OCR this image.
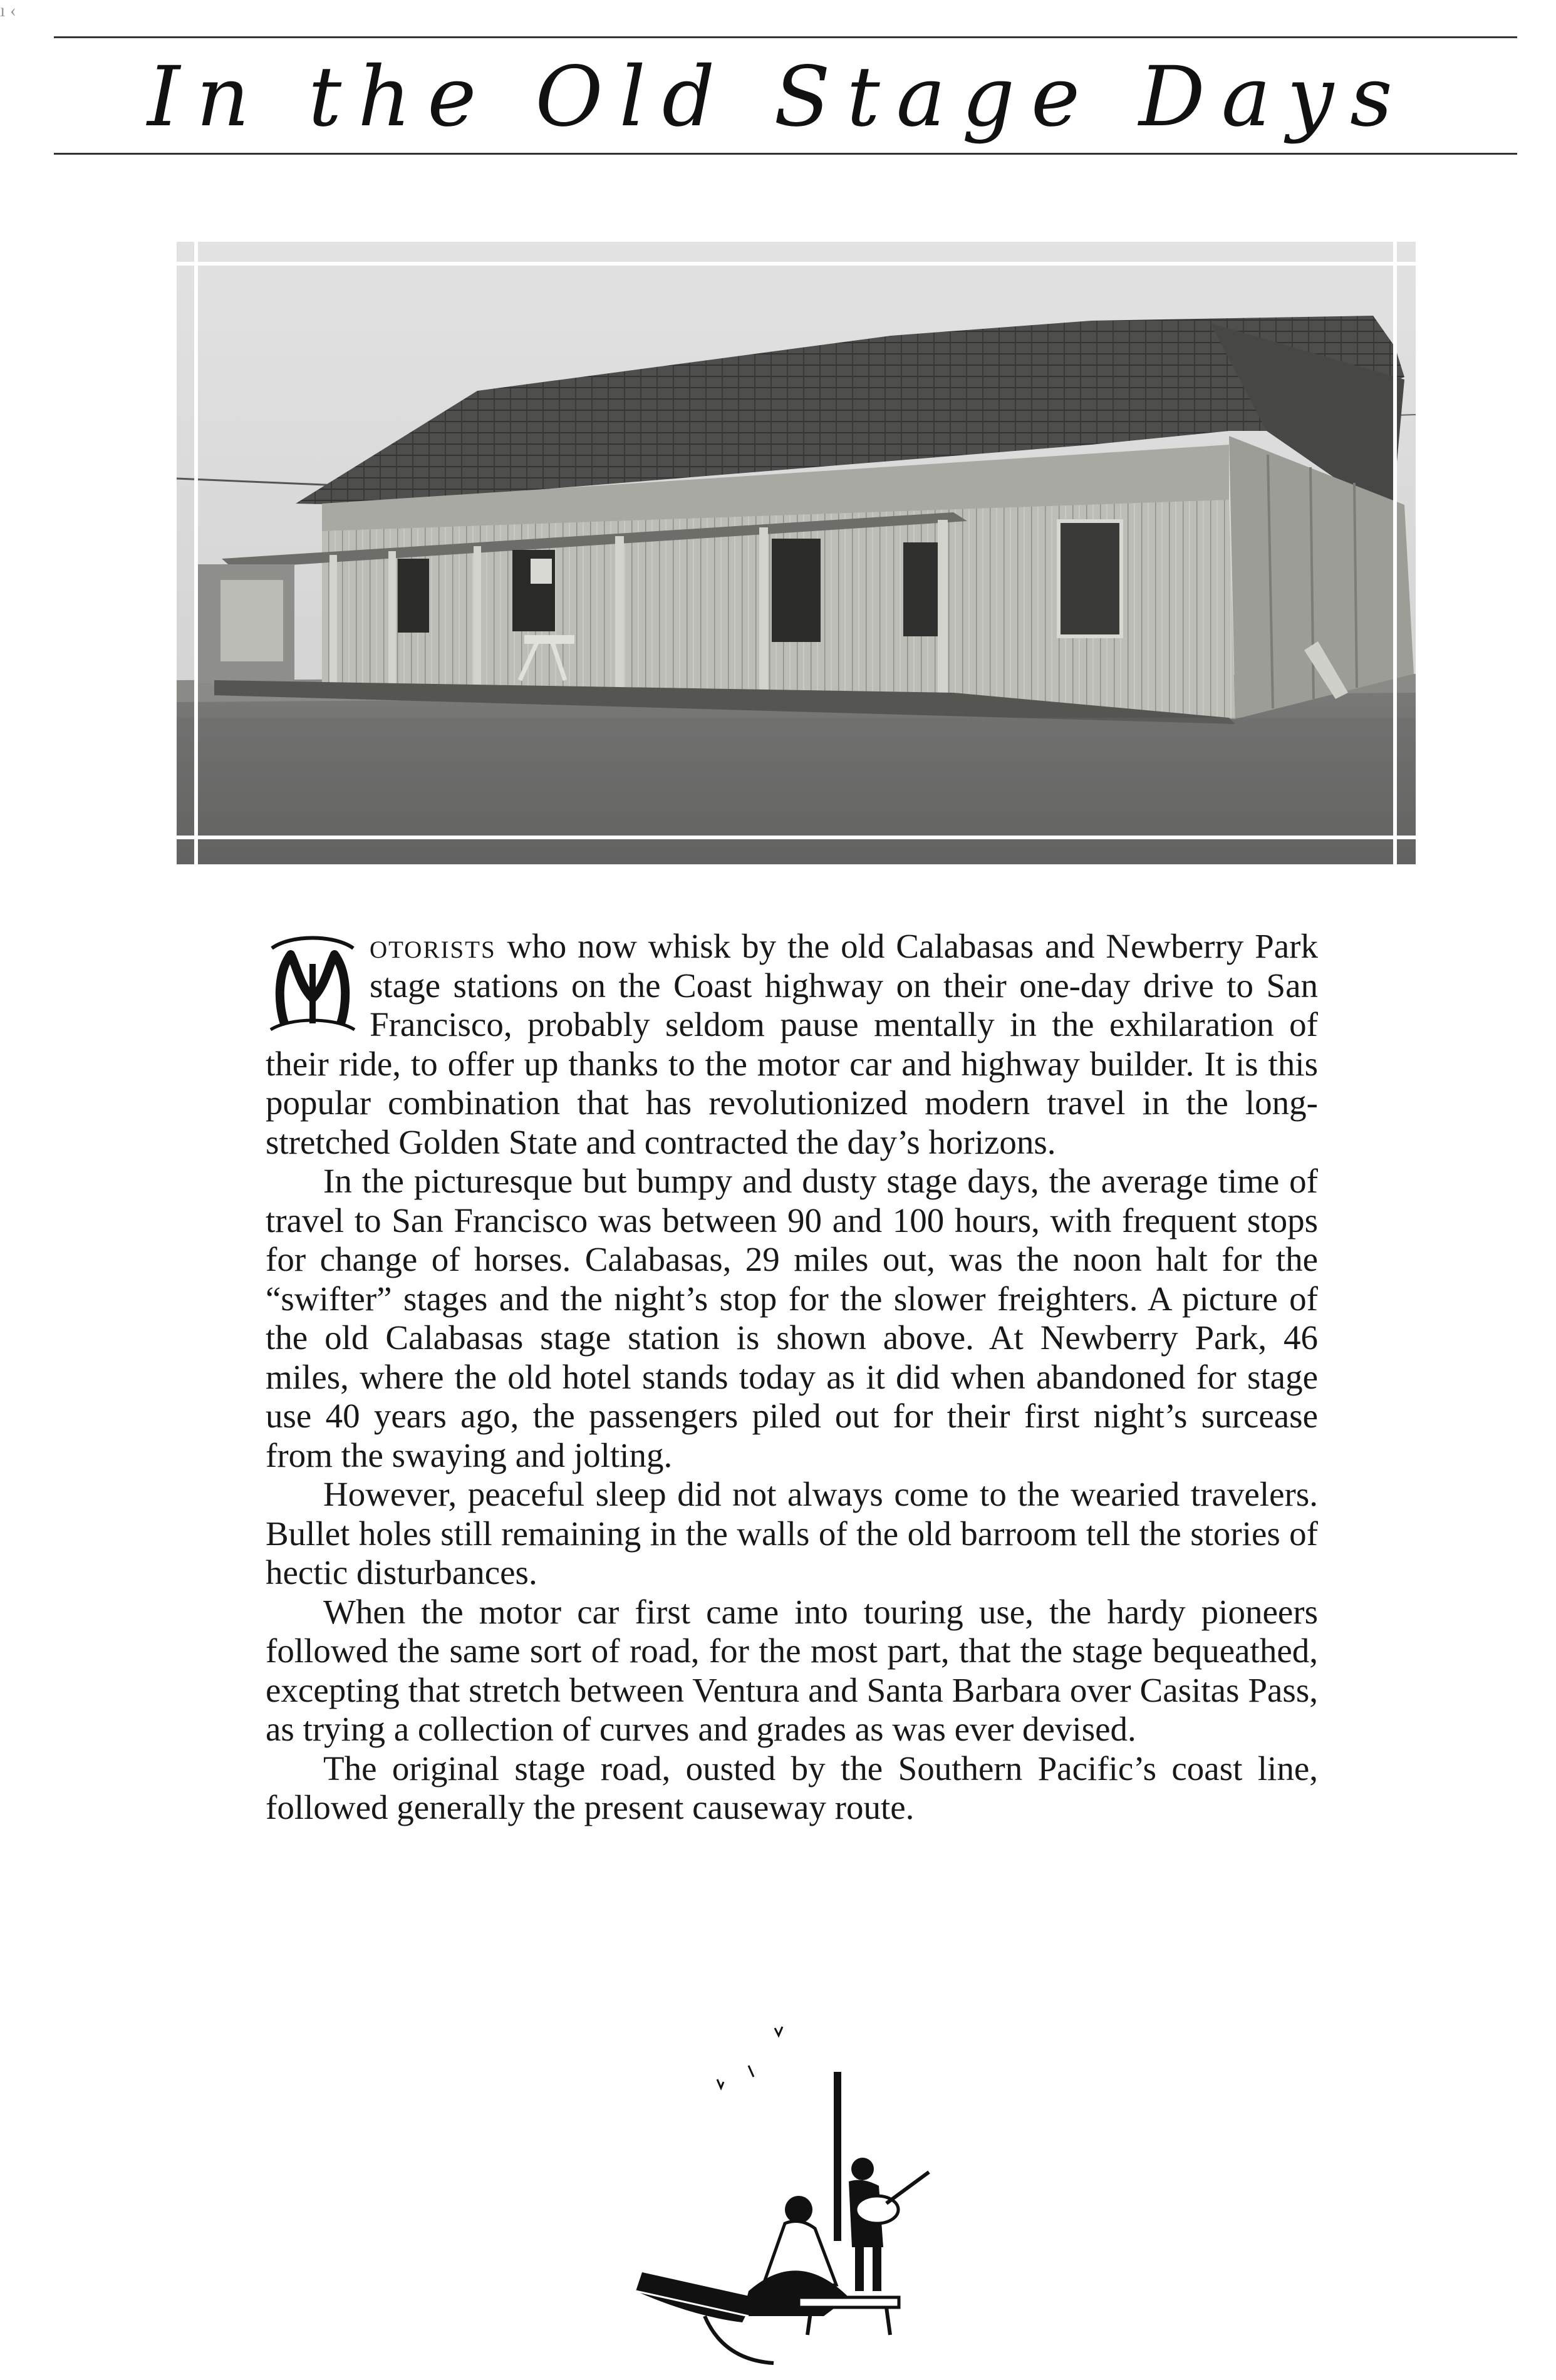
ı ‹
In the Old Stage Days

otorists who now whisk by the old Calabasas and Newberry Park stage stations on the Coast highway on their one-day drive to San Francisco, probably seldom pause mentally in the exhilaration of their ride, to offer up thanks to the motor car and highway builder. It is this popular combination that has revolutionized modern travel in the long-stretched Golden State and contracted the day’s horizons.

In the picturesque but bumpy and dusty stage days, the average time of travel to San Francisco was between 90 and 100 hours, with frequent stops for change of horses. Calabasas, 29 miles out, was the noon halt for the “swifter” stages and the night’s stop for the slower freighters. A picture of the old Calabasas stage station is shown above. At Newberry Park, 46 miles, where the old hotel stands today as it did when abandoned for stage use 40 years ago, the passengers piled out for their first night’s surcease from the swaying and jolting.

However, peaceful sleep did not always come to the wearied travelers. Bullet holes still remaining in the walls of the old barroom tell the stories of hectic disturbances.

When the motor car first came into touring use, the hardy pioneers followed the same sort of road, for the most part, that the stage bequeathed, excepting that stretch between Ventura and Santa Barbara over Casitas Pass, as trying a collection of curves and grades as was ever devised.

The original stage road, ousted by the Southern Pacific’s coast line, followed generally the present causeway route.
